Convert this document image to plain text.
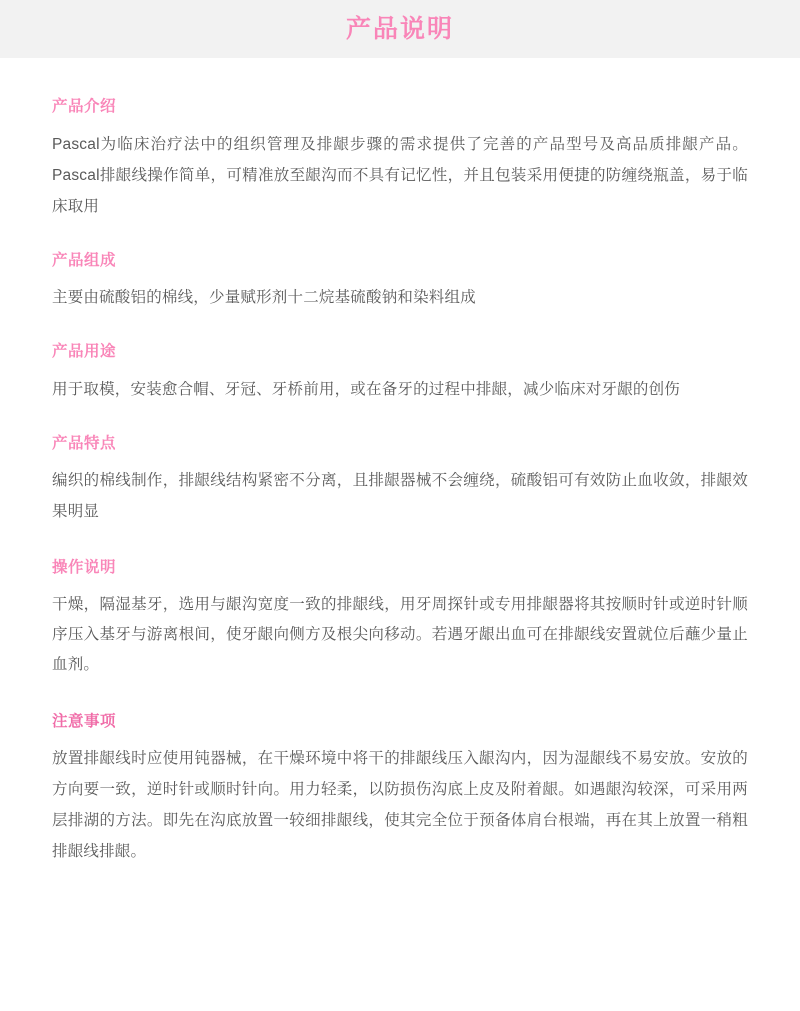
产品说明
产品介绍

Pascal为临床治疗法中的组织管理及排龈步骤的需求提供了完善的产品型号及高品质排龈产品。Pascal排龈线操作简单，可精准放至龈沟而不具有记忆性，并且包装采用便捷的防缠绕瓶盖，易于临床取用

产品组成

主要由硫酸铝的棉线，少量赋形剂十二烷基硫酸钠和染料组成

产品用途

用于取模，安装愈合帽、牙冠、牙桥前用，或在备牙的过程中排龈，减少临床对牙龈的创伤

产品特点

编织的棉线制作，排龈线结构紧密不分离，且排龈器械不会缠绕，硫酸铝可有效防止血收敛，排龈效果明显

操作说明

干燥，隔湿基牙，选用与龈沟宽度一致的排龈线，用牙周探针或专用排龈器将其按顺时针或逆时针顺序压入基牙与游离根间，使牙龈向侧方及根尖向移动。若遇牙龈出血可在排龈线安置就位后蘸少量止血剂。

注意事项

放置排龈线时应使用钝器械，在干燥环境中将干的排龈线压入龈沟内，因为湿龈线不易安放。安放的方向要一致，逆时针或顺时针向。用力轻柔，以防损伤沟底上皮及附着龈。如遇龈沟较深，可采用两层排湖的方法。即先在沟底放置一较细排龈线，使其完全位于预备体肩台根端，再在其上放置一稍粗排龈线排龈。
